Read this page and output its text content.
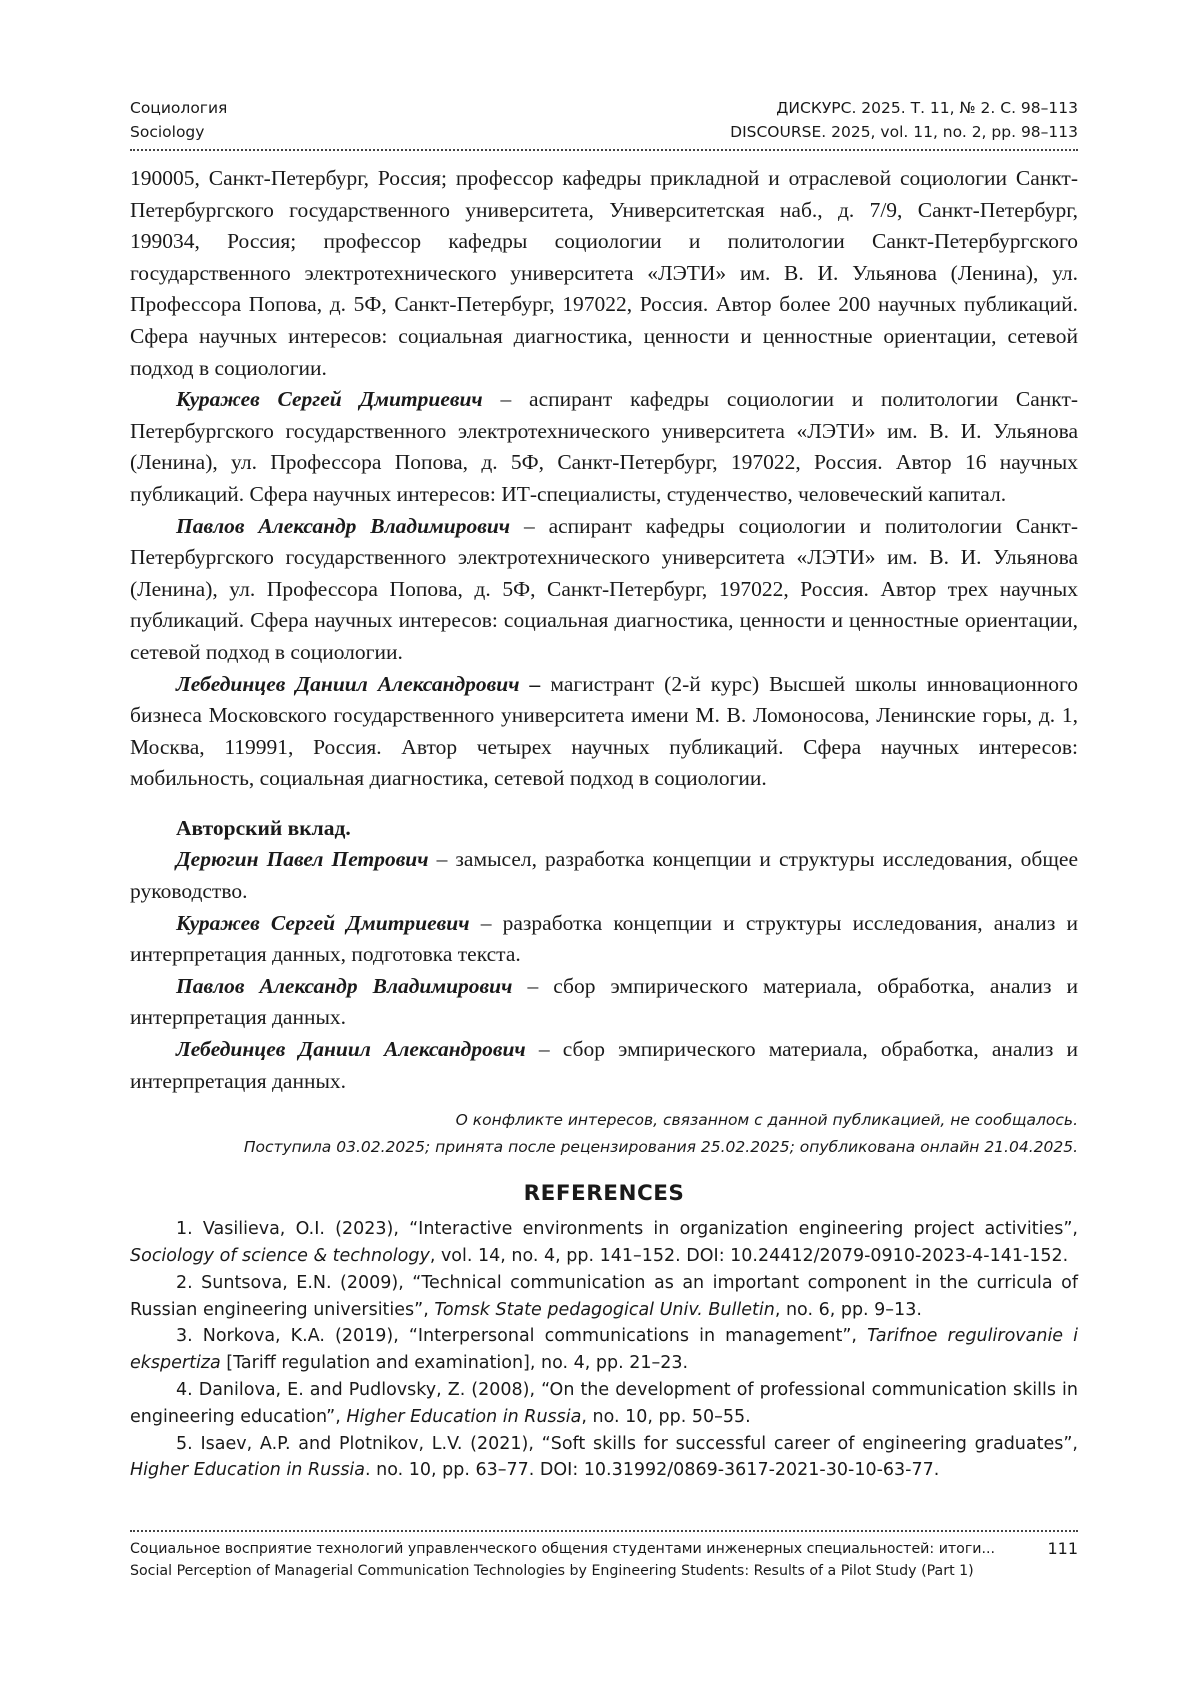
Социология
Sociology
ДИСКУРС. 2025. Т. 11, № 2. С. 98–113
DISCOURSE. 2025, vol. 11, no. 2, pp. 98–113

190005, Санкт-Петербург, Россия; профессор кафедры прикладной и отраслевой социологии Санкт-Петербургского государственного университета, Университетская наб., д. 7/9, Санкт-Петербург, 199034, Россия; профессор кафедры социологии и политологии Санкт-Петербургского государственного электротехнического университета «ЛЭТИ» им. В. И. Ульянова (Ленина), ул. Профессора Попова, д. 5Ф, Санкт-Петербург, 197022, Россия. Автор более 200 научных публикаций. Сфера научных интересов: социальная диагностика, ценности и ценностные ориентации, сетевой подход в социологии.

Куражев Сергей Дмитриевич – аспирант кафедры социологии и политологии Санкт-Петербургского государственного электротехнического университета «ЛЭТИ» им. В. И. Ульянова (Ленина), ул. Профессора Попова, д. 5Ф, Санкт-Петербург, 197022, Россия. Автор 16 научных публикаций. Сфера научных интересов: ИТ-специалисты, студенчество, человеческий капитал.

Павлов Александр Владимирович – аспирант кафедры социологии и политологии Санкт-Петербургского государственного электротехнического университета «ЛЭТИ» им. В. И. Ульянова (Ленина), ул. Профессора Попова, д. 5Ф, Санкт-Петербург, 197022, Россия. Автор трех научных публикаций. Сфера научных интересов: социальная диагностика, ценности и ценностные ориентации, сетевой подход в социологии.

Лебединцев Даниил Александрович – магистрант (2-й курс) Высшей школы инновационного бизнеса Московского государственного университета имени М. В. Ломоносова, Ленинские горы, д. 1, Москва, 119991, Россия. Автор четырех научных публикаций. Сфера научных интересов: мобильность, социальная диагностика, сетевой подход в социологии.

Авторский вклад.

Дерюгин Павел Петрович – замысел, разработка концепции и структуры исследования, общее руководство.

Куражев Сергей Дмитриевич – разработка концепции и структуры исследования, анализ и интерпретация данных, подготовка текста.

Павлов Александр Владимирович – сбор эмпирического материала, обработка, анализ и интерпретация данных.

Лебединцев Даниил Александрович – сбор эмпирического материала, обработка, анализ и интерпретация данных.

О конфликте интересов, связанном с данной публикацией, не сообщалось.
Поступила 03.02.2025; принята после рецензирования 25.02.2025; опубликована онлайн 21.04.2025.
REFERENCES

1. Vasilieva, O.I. (2023), “Interactive environments in organization engineering project activities”, Sociology of science & technology, vol. 14, no. 4, pp. 141–152. DOI: 10.24412/2079-0910-2023-4-141-152.

2. Suntsova, E.N. (2009), “Technical communication as an important component in the curricula of Russian engineering universities”, Tomsk State pedagogical Univ. Bulletin, no. 6, pp. 9–13.

3. Norkova, K.A. (2019), “Interpersonal communications in management”, Tarifnoe regulirovanie i ekspertiza [Tariff regulation and examination], no. 4, pp. 21–23.

4. Danilova, E. and Pudlovsky, Z. (2008), “On the development of professional communication skills in engineering education”, Higher Education in Russia, no. 10, pp. 50–55.

5. Isaev, A.P. and Plotnikov, L.V. (2021), “Soft skills for successful career of engineering graduates”, Higher Education in Russia. no. 10, pp. 63–77. DOI: 10.31992/0869-3617-2021-30-10-63-77.

Социальное восприятие технологий управленческого общения студентами инженерных специальностей: итоги...	111
Social Perception of Managerial Communication Technologies by Engineering Students: Results of a Pilot Study (Part 1)
